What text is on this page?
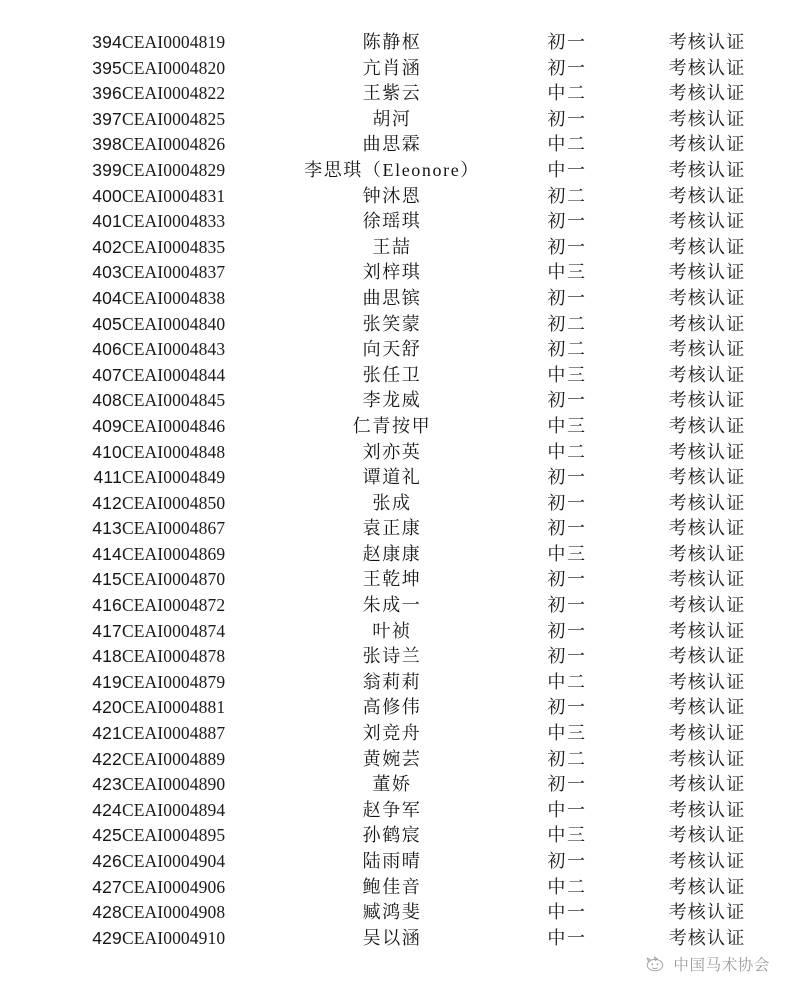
394	CEAI0004819	陈静枢	初一	考核认证
395	CEAI0004820	亢肖涵	初一	考核认证
396	CEAI0004822	王紫云	中二	考核认证
397	CEAI0004825	胡河	初一	考核认证
398	CEAI0004826	曲思霖	中二	考核认证
399	CEAI0004829	李思琪（Eleonore）	中一	考核认证
400	CEAI0004831	钟沐恩	初二	考核认证
401	CEAI0004833	徐瑶琪	初一	考核认证
402	CEAI0004835	王喆	初一	考核认证
403	CEAI0004837	刘梓琪	中三	考核认证
404	CEAI0004838	曲思镔	初一	考核认证
405	CEAI0004840	张笑蒙	初二	考核认证
406	CEAI0004843	向天舒	初二	考核认证
407	CEAI0004844	张任卫	中三	考核认证
408	CEAI0004845	李龙威	初一	考核认证
409	CEAI0004846	仁青按甲	中三	考核认证
410	CEAI0004848	刘亦英	中二	考核认证
411	CEAI0004849	谭道礼	初一	考核认证
412	CEAI0004850	张成	初一	考核认证
413	CEAI0004867	袁正康	初一	考核认证
414	CEAI0004869	赵康康	中三	考核认证
415	CEAI0004870	王乾坤	初一	考核认证
416	CEAI0004872	朱成一	初一	考核认证
417	CEAI0004874	叶祯	初一	考核认证
418	CEAI0004878	张诗兰	初一	考核认证
419	CEAI0004879	翁莉莉	中二	考核认证
420	CEAI0004881	高修伟	初一	考核认证
421	CEAI0004887	刘竞舟	中三	考核认证
422	CEAI0004889	黄婉芸	初二	考核认证
423	CEAI0004890	董娇	初一	考核认证
424	CEAI0004894	赵争军	中一	考核认证
425	CEAI0004895	孙鹤宸	中三	考核认证
426	CEAI0004904	陆雨晴	初一	考核认证
427	CEAI0004906	鲍佳音	中二	考核认证
428	CEAI0004908	臧鸿斐	中一	考核认证
429	CEAI0004910	吴以涵	中一	考核认证
中国马术协会
